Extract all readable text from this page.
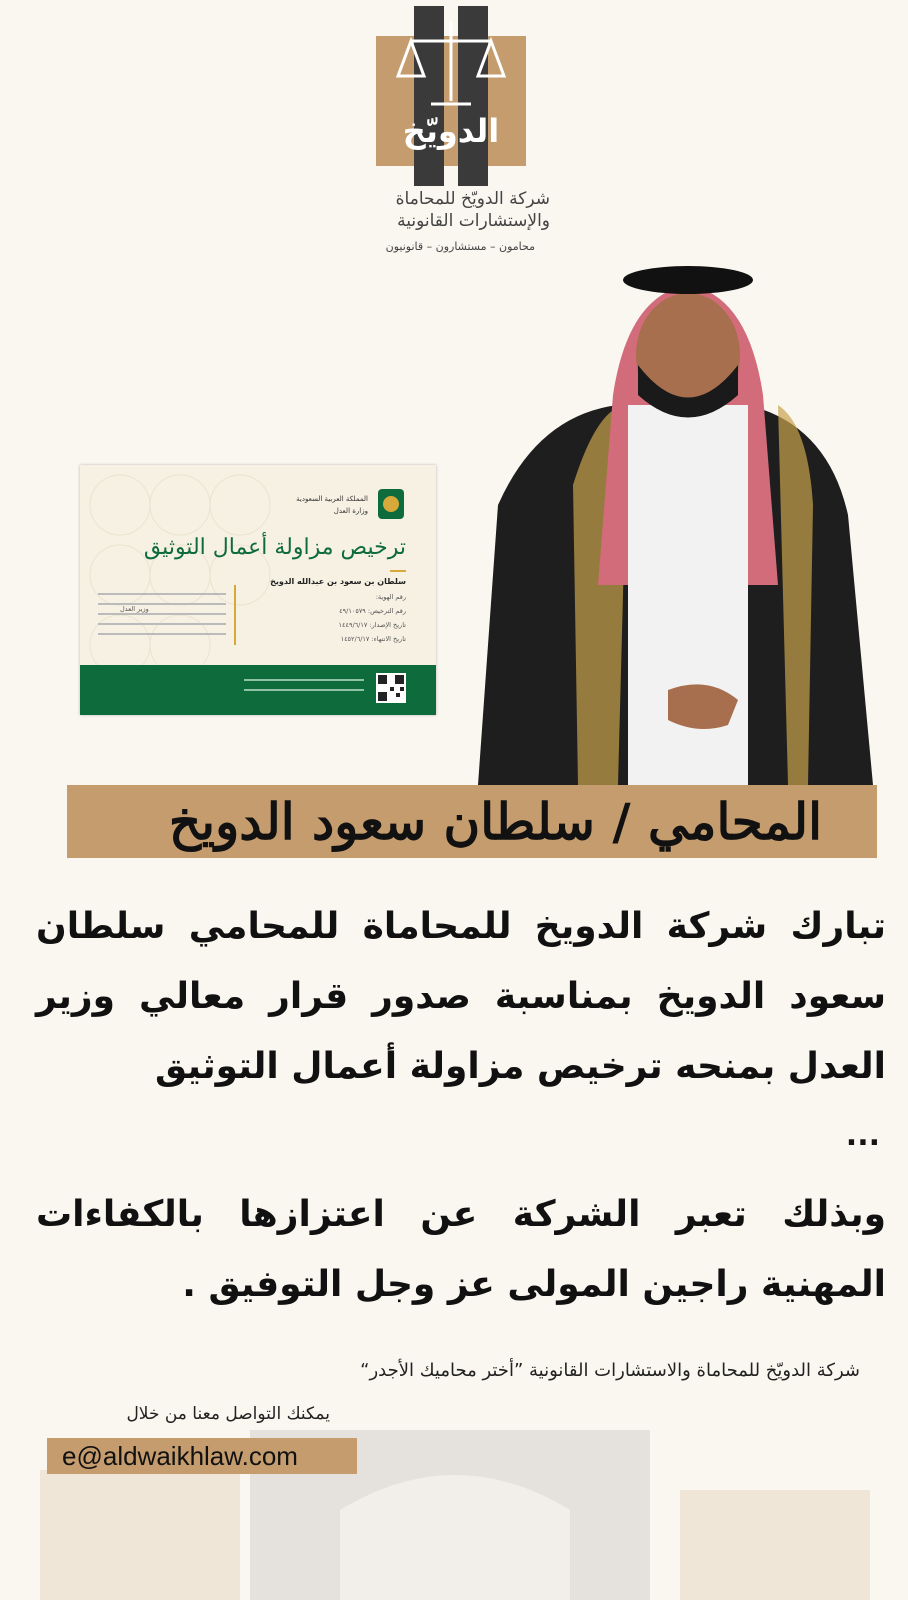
الدويّخ
شركة الدويّخ للمحاماة
والإستشارات القانونية
محامون – مستشارون – قانونيون
المملكة العربية السعودية
وزارة العدل
ترخيص مزاولة أعمال التوثيق
سلطان بن سعود بن عبدالله الدويخ
رقم الهوية:
رقم الترخيص: ٤٩/١٠٥٧٩
تاريخ الإصدار: ١٤٤٩/٦/١٧
تاريخ الانتهاء: ١٤٥٢/٦/١٧
وزير العدل
المحامي / سلطان سعود الدويخ
تبارك شركة الدويخ للمحاماة للمحامي سلطان سعود الدويخ بمناسبة صدور قرار معالي وزير العدل بمنحه ترخيص مزاولة أعمال التوثيق
...
وبذلك تعبر الشركة عن اعتزازها بالكفاءات المهنية راجين المولى عز وجل التوفيق .
شركة الدويّخ للمحاماة والاستشارات القانونية ”أختر محاميك الأجدر“
يمكنك التواصل معنا من خلال
e@aldwaikhlaw.com
